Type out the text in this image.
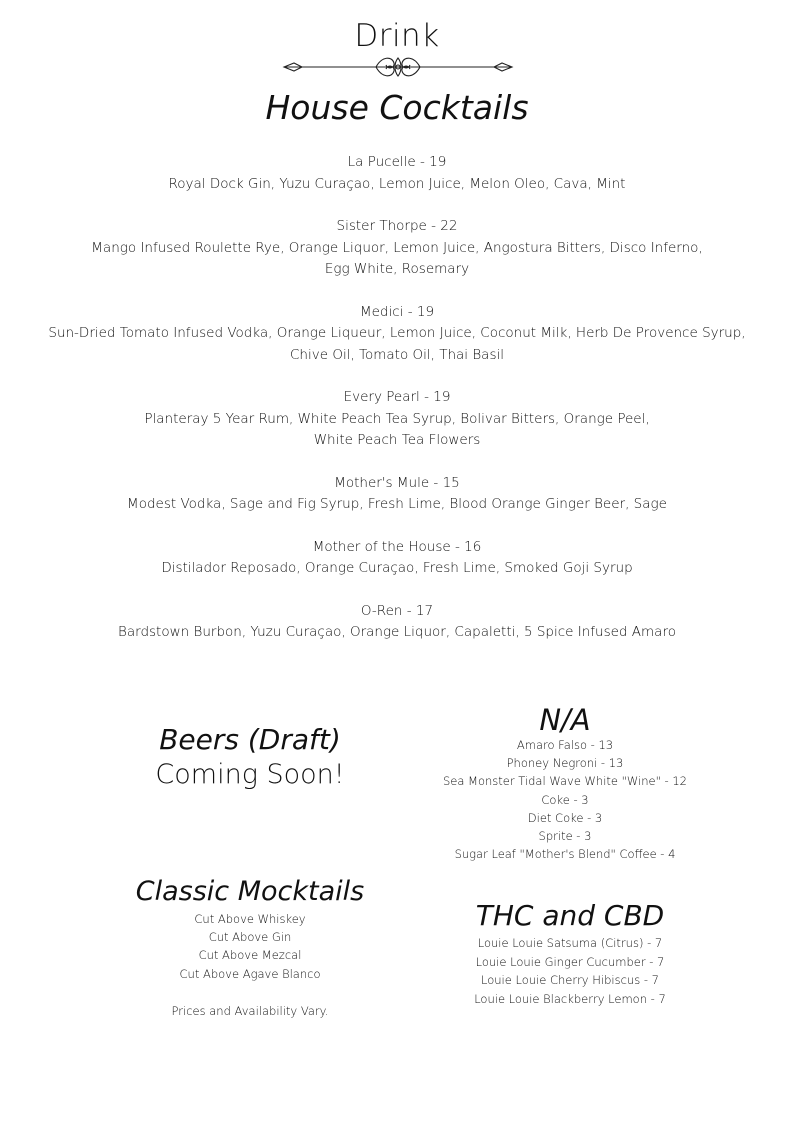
Drink
House Cocktails
La Pucelle - 19
Royal Dock Gin, Yuzu Curaçao, Lemon Juice, Melon Oleo, Cava, Mint
Sister Thorpe - 22
Mango Infused Roulette Rye, Orange Liquor, Lemon Juice, Angostura Bitters, Disco Inferno,
Egg White, Rosemary
Medici - 19
Sun-Dried Tomato Infused Vodka, Orange Liqueur, Lemon Juice, Coconut Milk, Herb De Provence Syrup,
Chive Oil, Tomato Oil, Thai Basil
Every Pearl - 19
Planteray 5 Year Rum, White Peach Tea Syrup, Bolivar Bitters, Orange Peel,
White Peach Tea Flowers
Mother's Mule - 15
Modest Vodka, Sage and Fig Syrup, Fresh Lime, Blood Orange Ginger Beer, Sage
Mother of the House - 16
Distilador Reposado, Orange Curaçao, Fresh Lime, Smoked Goji Syrup
O-Ren - 17
Bardstown Burbon, Yuzu Curaçao, Orange Liquor, Capaletti, 5 Spice Infused Amaro
Beers (Draft)
Coming Soon!
N/A
Amaro Falso - 13
Phoney Negroni - 13
Sea Monster Tidal Wave White "Wine" - 12
Coke - 3
Diet Coke - 3
Sprite - 3
Sugar Leaf "Mother's Blend" Coffee - 4
Classic Mocktails
Cut Above Whiskey
Cut Above Gin
Cut Above Mezcal
Cut Above Agave Blanco
Prices and Availability Vary.
THC and CBD
Louie Louie Satsuma (Citrus) - 7
Louie Louie Ginger Cucumber - 7
Louie Louie Cherry Hibiscus - 7
Louie Louie Blackberry Lemon - 7
